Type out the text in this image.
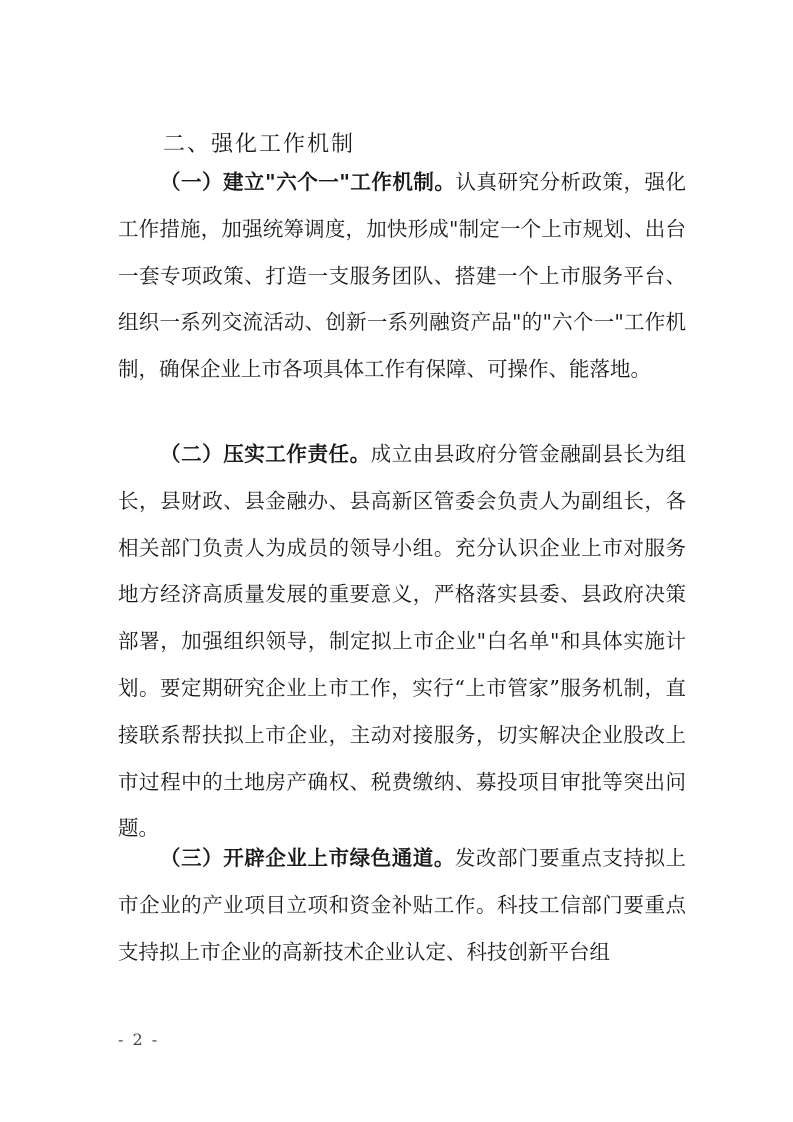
二、强化工作机制

（一）建立"六个一"工作机制。认真研究分析政策，强化工作措施，加强统筹调度，加快形成"制定一个上市规划、出台一套专项政策、打造一支服务团队、搭建一个上市服务平台、组织一系列交流活动、创新一系列融资产品"的"六个一"工作机制，确保企业上市各项具体工作有保障、可操作、能落地。

（二）压实工作责任。成立由县政府分管金融副县长为组长，县财政、县金融办、县高新区管委会负责人为副组长，各相关部门负责人为成员的领导小组。充分认识企业上市对服务地方经济高质量发展的重要意义，严格落实县委、县政府决策部署，加强组织领导，制定拟上市企业"白名单"和具体实施计划。要定期研究企业上市工作，实行“上市管家”服务机制，直接联系帮扶拟上市企业，主动对接服务，切实解决企业股改上市过程中的土地房产确权、税费缴纳、募投项目审批等突出问题。

（三）开辟企业上市绿色通道。发改部门要重点支持拟上市企业的产业项目立项和资金补贴工作。科技工信部门要重点支持拟上市企业的高新技术企业认定、科技创新平台组

- 2 -
